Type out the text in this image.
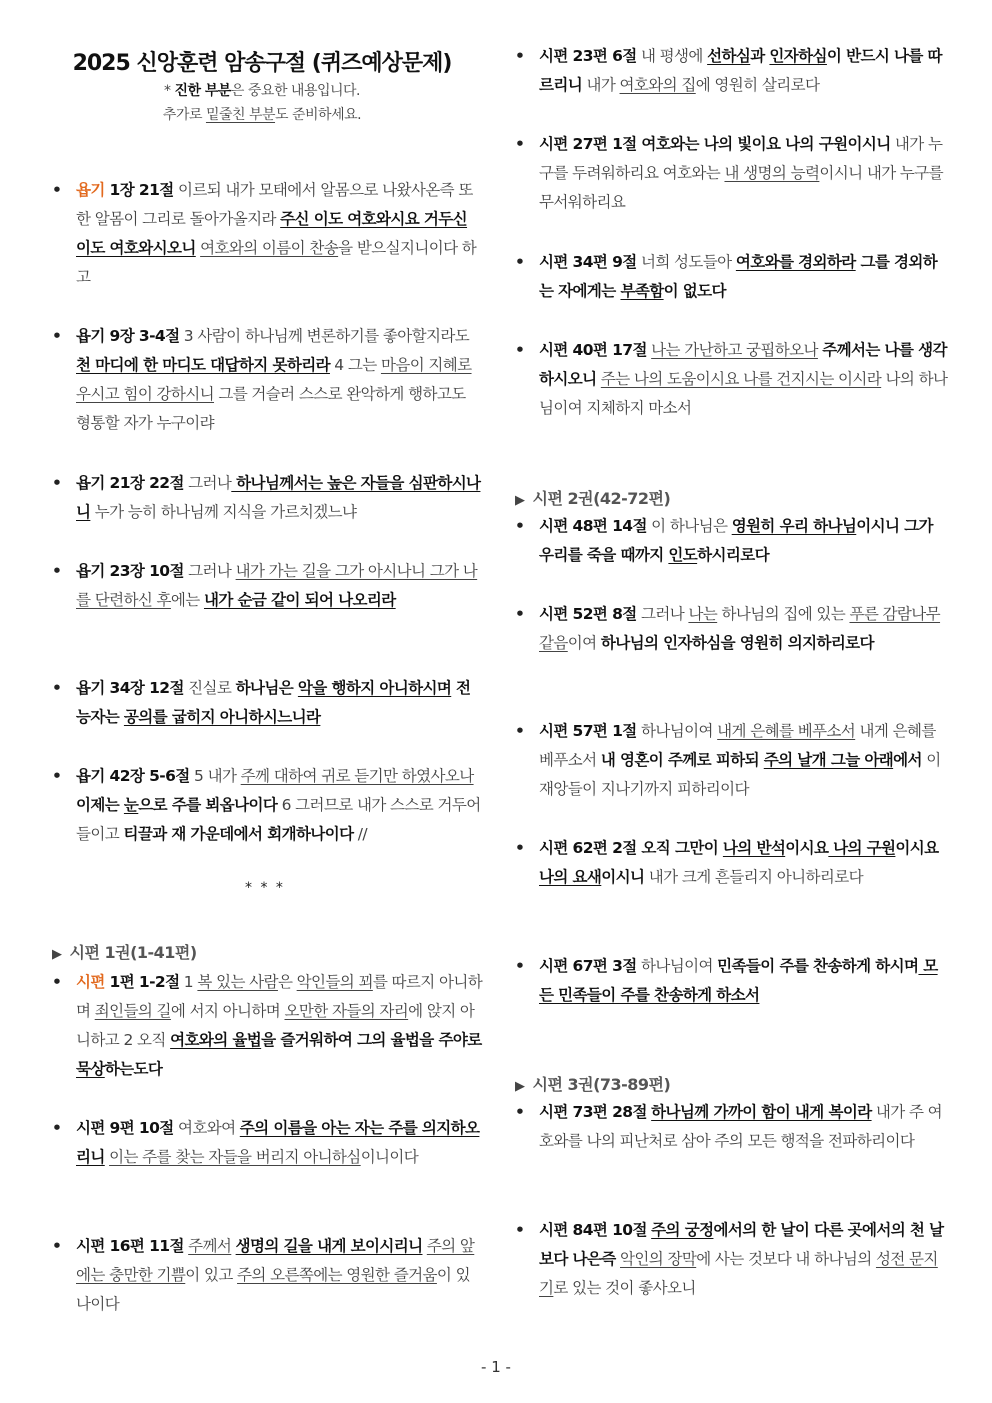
2025 신앙훈련 암송구절 (퀴즈예상문제)

* 진한 부분은 중요한 내용입니다.

추가로 밑줄친 부분도 준비하세요.

• 욥기 1장 21절 이르되 내가 모태에서 알몸으로 나왔사온즉 또한 알몸이 그리로 돌아가올지라 주신 이도 여호와시요 거두신 이도 여호와시오니 여호와의 이름이 찬송을 받으실지니이다 하고
• 욥기 9장 3-4절 3 사람이 하나님께 변론하기를 좋아할지라도 천 마디에 한 마디도 대답하지 못하리라 4 그는 마음이 지혜로우시고 힘이 강하시니 그를 거슬러 스스로 완악하게 행하고도 형통할 자가 누구이랴
• 욥기 21장 22절 그러나 하나님께서는 높은 자들을 심판하시나니 누가 능히 하나님께 지식을 가르치겠느냐
• 욥기 23장 10절 그러나 내가 가는 길을 그가 아시나니 그가 나를 단련하신 후에는 내가 순금 같이 되어 나오리라
• 욥기 34장 12절 진실로 하나님은 악을 행하지 아니하시며 전능자는 공의를 굽히지 아니하시느니라
• 욥기 42장 5-6절 5 내가 주께 대하여 귀로 듣기만 하였사오나 이제는 눈으로 주를 뵈옵나이다 6 그러므로 내가 스스로 거두어들이고 티끌과 재 가운데에서 회개하나이다 //
▶ 시편 1권(1-41편)
• 시편 1편 1-2절 1 복 있는 사람은 악인들의 꾀를 따르지 아니하며 죄인들의 길에 서지 아니하며 오만한 자들의 자리에 앉지 아니하고 2 오직 여호와의 율법을 즐거워하여 그의 율법을 주야로 묵상하는도다
• 시편 9편 10절 여호와여 주의 이름을 아는 자는 주를 의지하오리니 이는 주를 찾는 자들을 버리지 아니하심이니이다
• 시편 16편 11절 주께서 생명의 길을 내게 보이시리니 주의 앞에는 충만한 기쁨이 있고 주의 오른쪽에는 영원한 즐거움이 있나이다
* * *
• 시편 23편 6절 내 평생에 선하심과 인자하심이 반드시 나를 따르리니 내가 여호와의 집에 영원히 살리로다
• 시편 27편 1절 여호와는 나의 빛이요 나의 구원이시니 내가 누구를 두려워하리요 여호와는 내 생명의 능력이시니 내가 누구를 무서워하리요
• 시편 34편 9절 너희 성도들아 여호와를 경외하라 그를 경외하는 자에게는 부족함이 없도다
• 시편 40편 17절 나는 가난하고 궁핍하오나 주께서는 나를 생각하시오니 주는 나의 도움이시요 나를 건지시는 이시라 나의 하나님이여 지체하지 마소서
▶ 시편 2권(42-72편)
• 시편 48편 14절 이 하나님은 영원히 우리 하나님이시니 그가 우리를 죽을 때까지 인도하시리로다
• 시편 52편 8절 그러나 나는 하나님의 집에 있는 푸른 감람나무 같음이여 하나님의 인자하심을 영원히 의지하리로다
• 시편 57편 1절 하나님이여 내게 은혜를 베푸소서 내게 은혜를 베푸소서 내 영혼이 주께로 피하되 주의 날개 그늘 아래에서 이 재앙들이 지나기까지 피하리이다
• 시편 62편 2절 오직 그만이 나의 반석이시요 나의 구원이시요 나의 요새이시니 내가 크게 흔들리지 아니하리로다
• 시편 67편 3절 하나님이여 민족들이 주를 찬송하게 하시며 모든 민족들이 주를 찬송하게 하소서
▶ 시편 3권(73-89편)
• 시편 73편 28절 하나님께 가까이 함이 내게 복이라 내가 주 여호와를 나의 피난처로 삼아 주의 모든 행적을 전파하리이다
• 시편 84편 10절 주의 궁정에서의 한 날이 다른 곳에서의 천 날보다 나은즉 악인의 장막에 사는 것보다 내 하나님의 성전 문지기로 있는 것이 좋사오니
- 1 -
